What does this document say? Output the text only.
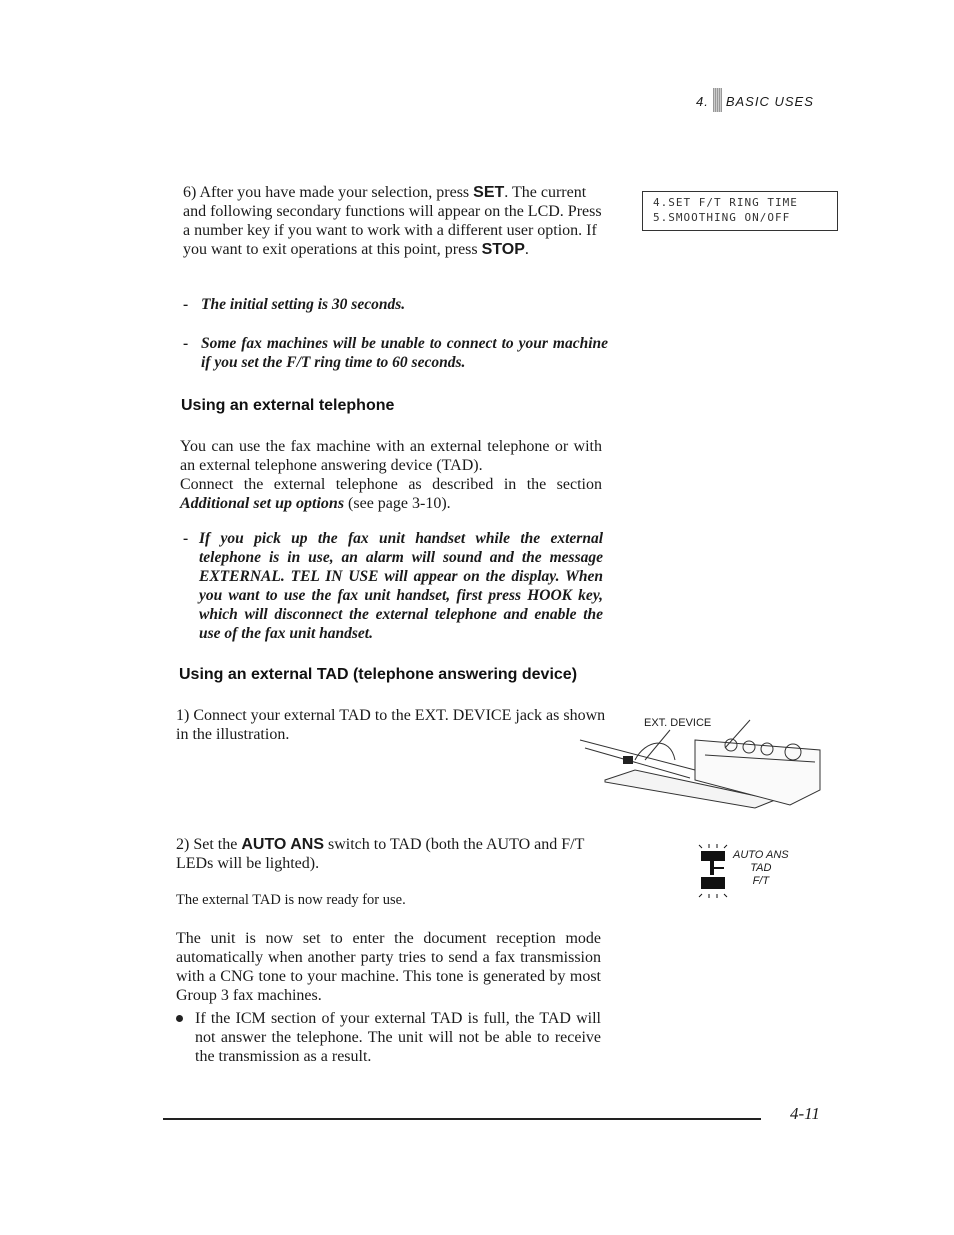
4. BASIC USES
6) After you have made your selection, press SET. The current and following secondary functions will appear on the LCD. Press a number key if you want to work with a different user option. If you want to exit operations at this point, press STOP.
4.SET F/T RING TIME
5.SMOOTHING ON/OFF
- The initial setting is 30 seconds.
- Some fax machines will be unable to connect to your machine if you set the F/T ring time to 60 seconds.
Using an external telephone
You can use the fax machine with an external telephone or with an external telephone answering device (TAD).
Connect the external telephone as described in the section Additional set up options (see page 3-10).
- If you pick up the fax unit handset while the external telephone is in use, an alarm will sound and the message EXTERNAL. TEL IN USE will appear on the display. When you want to use the fax unit handset, first press HOOK key, which will disconnect the external telephone and enable the use of the fax unit handset.
Using an external TAD (telephone answering device)
1) Connect your external TAD to the EXT. DEVICE jack as shown in the illustration.
EXT. DEVICE
2) Set the AUTO ANS switch to TAD (both the AUTO and F/T LEDs will be lighted).	AUTO ANS
TAD
F/T
The external TAD is now ready for use.
The unit is now set to enter the document reception mode automatically when another party tries to send a fax transmission with a CNG tone to your machine. This tone is generated by most Group 3 fax machines.
If the ICM section of your external TAD is full, the TAD will not answer the telephone. The unit will not be able to receive the transmission as a result.
4-11
